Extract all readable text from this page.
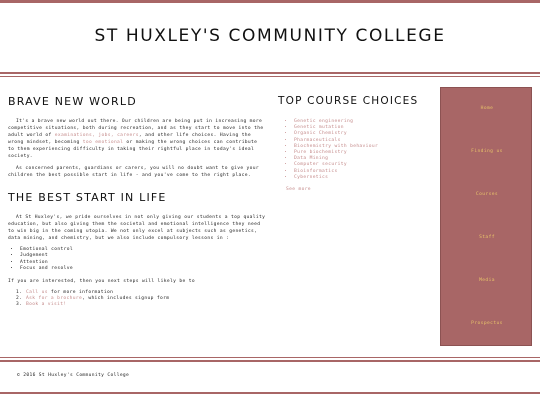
ST HUXLEY'S COMMUNITY COLLEGE
BRAVE NEW WORLD

It's a brave new world out there. Our children are being put in increasing more competitive situations, both during recreation, and as they start to move into the adult world of examinations, jobs, careers, and other life choices. Having the wrong mindset, becoming too emotional or making the wrong choices can contribute to them experiencing difficulty in taking their rightful place in today's ideal society.

As concerned parents, guardians or carers, you will no doubt want to give your children the best possible start in life - and you've come to the right place.

THE BEST START IN LIFE

At St Huxley's, we pride ourselves in not only giving our students a top quality education, but also giving them the societal and emotional intelligence they need to win big in the coming utopia. We not only excel at subjects such as genetics, data mining, and chemistry, but we also include compulsory lessons in :

• Emotional control
• Judgement
• Attention
• Focus and resolve

If you are interested, then you next steps will likely be to

1. Call us for more information
2. Ask for a brochure, which includes signup form
3. Book a visit!
TOP COURSE CHOICES
• Genetic engineering
• Genetic mutation
• Organic Chemistry
• Pharmaceuticals
• Biochemistry with behaviour
• Pure biochemistry
• Data Mining
• Computer security
• Bioinformatics
• Cybernetics
See more
Home
Finding us
Courses
Staff
Media
Prospectus
© 2016 St Huxley's Community College
